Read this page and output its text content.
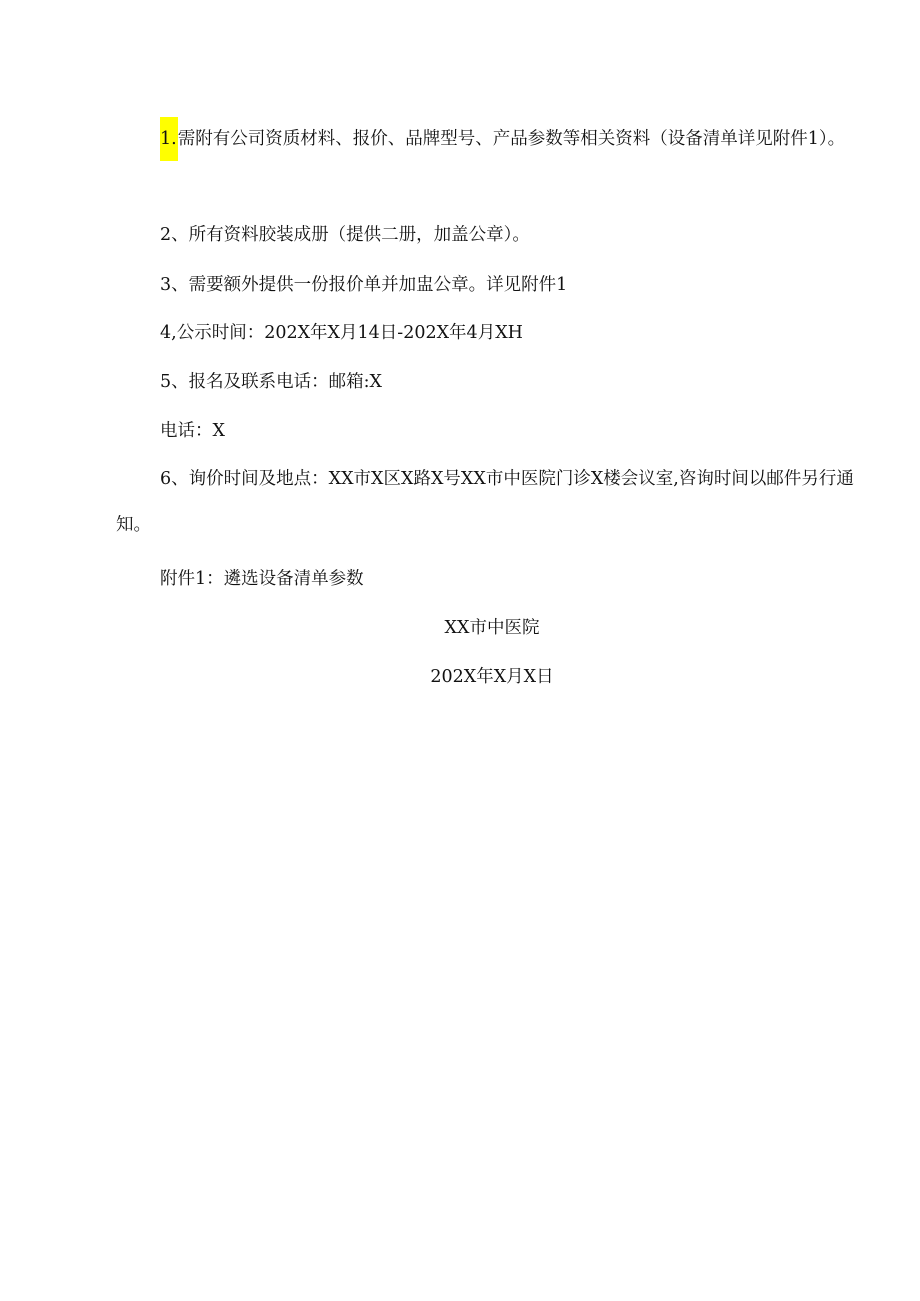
1.需附有公司资质材料、报价、品牌型号、产品参数等相关资料（设备清单详见附件1）。

2、所有资料胶装成册（提供二册，加盖公章）。

3、需要额外提供一份报价单并加盅公章。详见附件1

4,公示时间：202X年X月14日-202X年4月XH

5、报名及联系电话：邮箱:X

电话：X

6、询价时间及地点：XX市X区X路X号XX市中医院门诊X楼会议室,咨询时间以邮件另行通知。

附件1：遴选设备清单参数

XX市中医院

202X年X月X日
